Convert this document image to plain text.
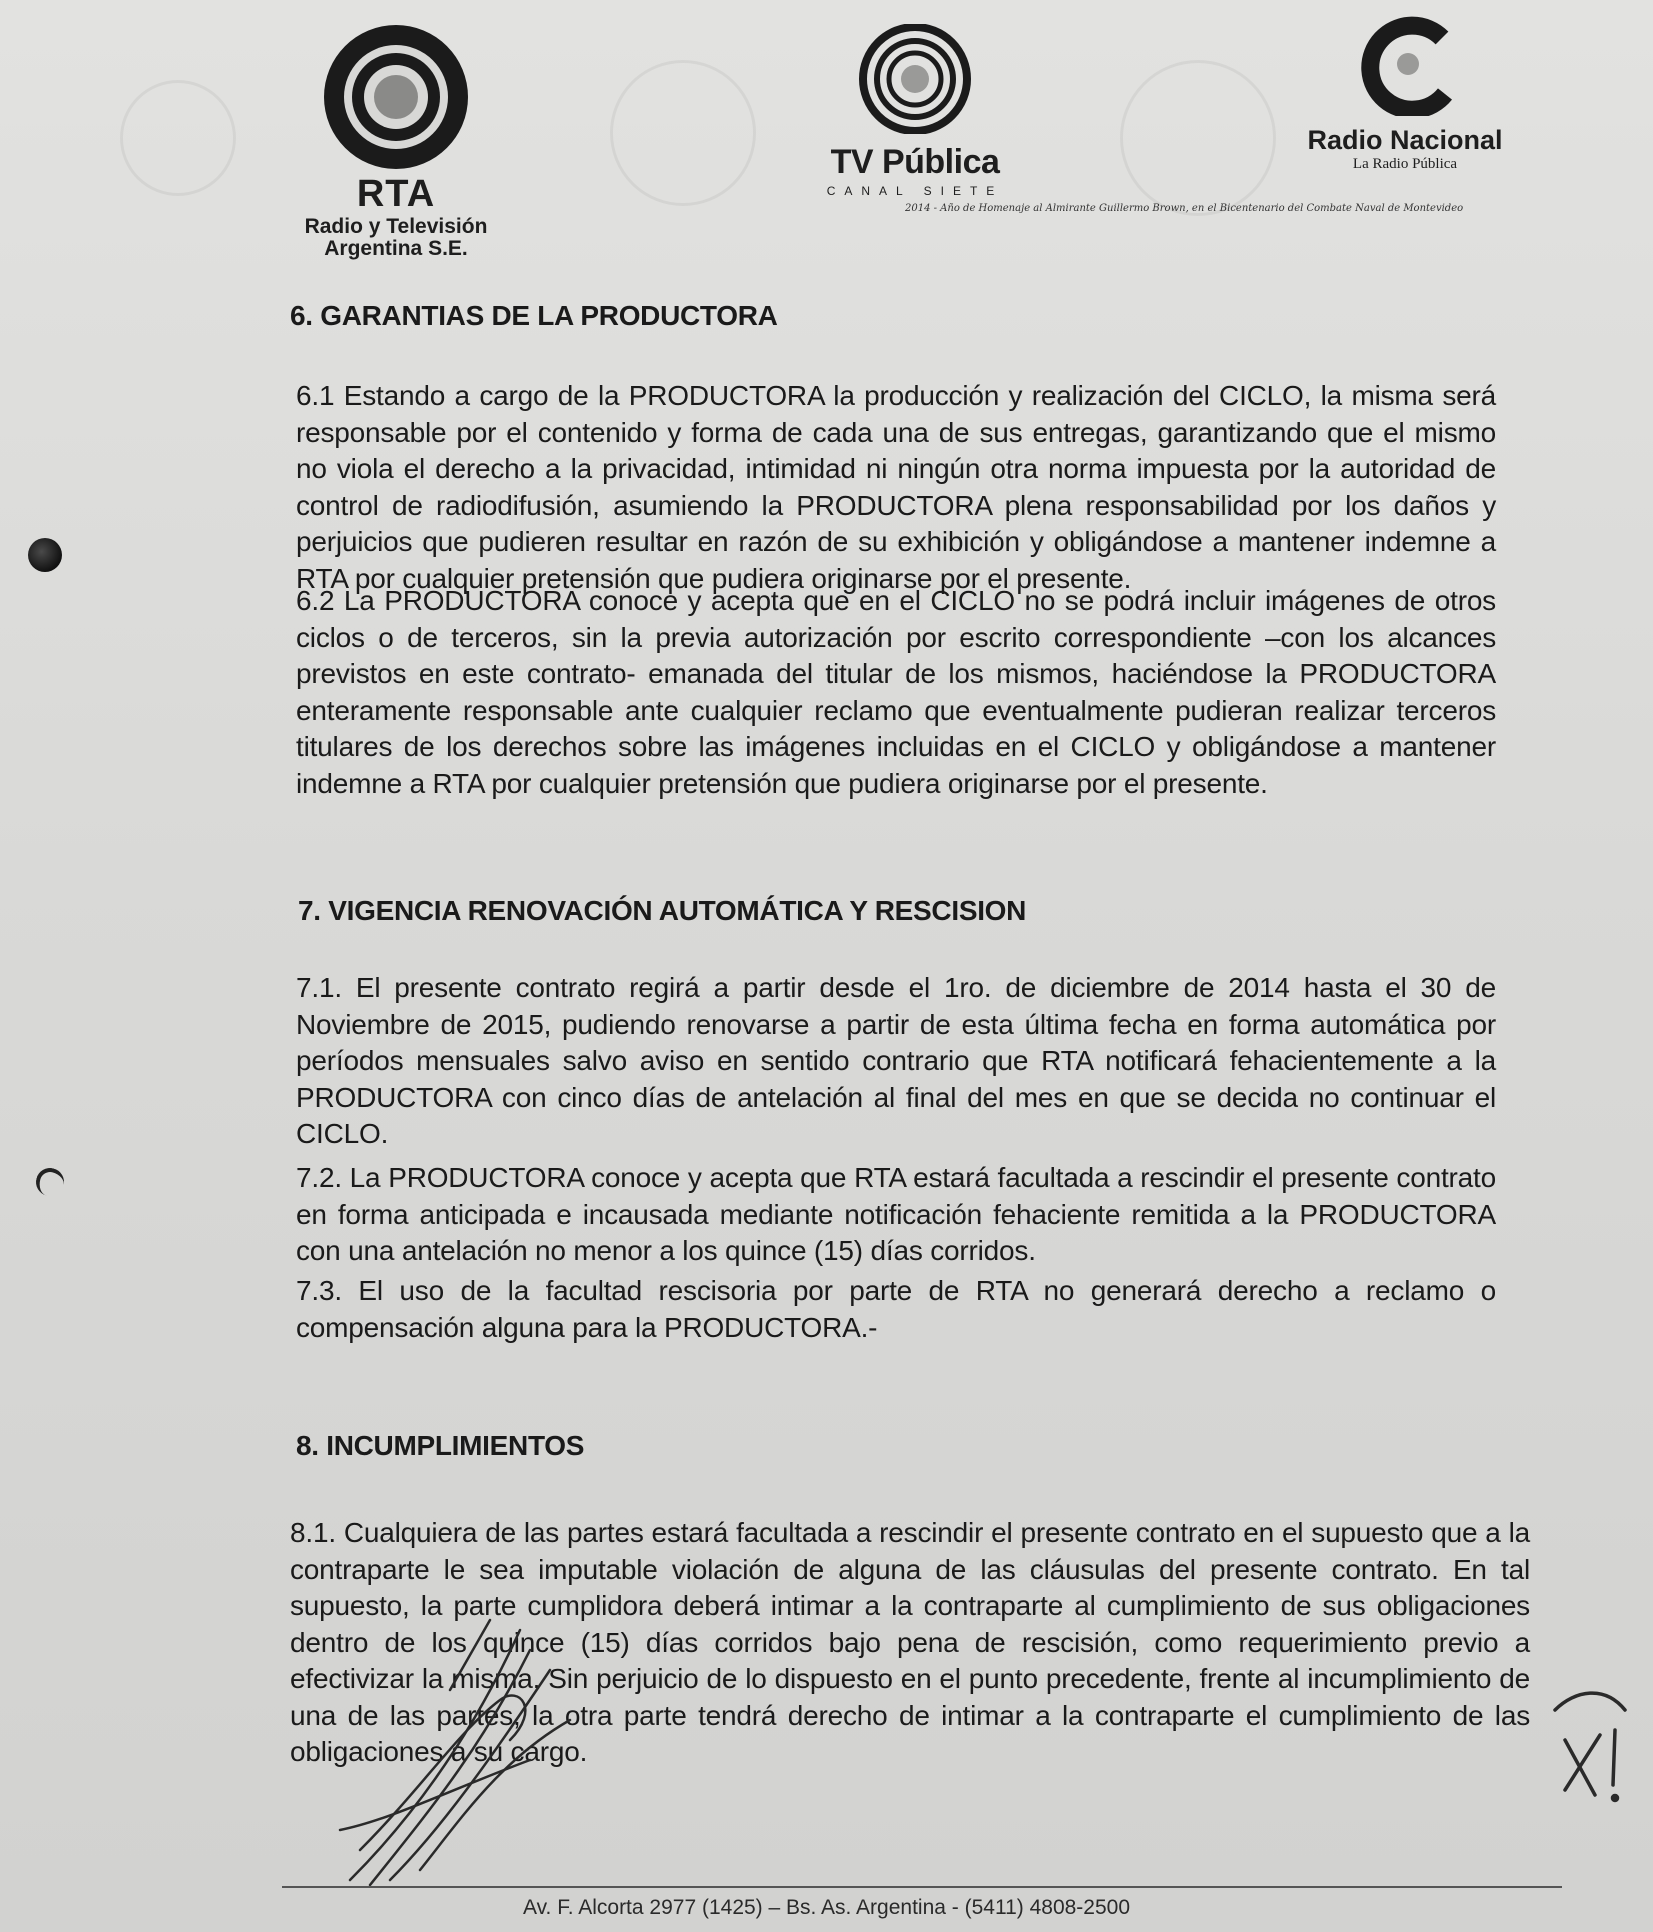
RTA
Radio y Televisión
Argentina S.E.
TV Pública
CANAL SIETE
Radio Nacional
La Radio Pública
2014 - Año de Homenaje al Almirante Guillermo Brown, en el Bicentenario del Combate Naval de Montevideo
6. GARANTIAS DE LA PRODUCTORA
6.1 Estando a cargo de la PRODUCTORA la producción y realización del CICLO, la misma será responsable por el contenido y forma de cada una de sus entregas, garantizando que el mismo no viola el derecho a la privacidad, intimidad ni ningún otra norma impuesta por la autoridad de control de radiodifusión, asumiendo la PRODUCTORA plena responsabilidad por los daños y perjuicios que pudieren resultar en razón de su exhibición y obligándose a mantener indemne a RTA por cualquier pretensión que pudiera originarse por el presente.
6.2 La PRODUCTORA conoce y acepta que en el CICLO no se podrá incluir imágenes de otros ciclos o de terceros, sin la previa autorización por escrito correspondiente –con los alcances previstos en este contrato- emanada del titular de los mismos, haciéndose la PRODUCTORA enteramente responsable ante cualquier reclamo que eventualmente pudieran realizar terceros titulares de los derechos sobre las imágenes incluidas en el CICLO y obligándose a mantener indemne a RTA por cualquier pretensión que pudiera originarse por el presente.
7. VIGENCIA RENOVACIÓN AUTOMÁTICA Y RESCISION
7.1. El presente contrato regirá a partir desde el 1ro. de diciembre de 2014 hasta el 30 de Noviembre de 2015, pudiendo renovarse a partir de esta última fecha en forma automática por períodos mensuales salvo aviso en sentido contrario que RTA notificará fehacientemente a la PRODUCTORA con cinco días de antelación al final del mes en que se decida no continuar el CICLO.
7.2. La PRODUCTORA conoce y acepta que RTA estará facultada a rescindir el presente contrato en forma anticipada e incausada mediante notificación fehaciente remitida a la PRODUCTORA con una antelación no menor a los quince (15) días corridos.
7.3. El uso de la facultad rescisoria por parte de RTA no generará derecho a reclamo o compensación alguna para la PRODUCTORA.-
8. INCUMPLIMIENTOS
8.1. Cualquiera de las partes estará facultada a rescindir el presente contrato en el supuesto que a la contraparte le sea imputable violación de alguna de las cláusulas del presente contrato. En tal supuesto, la parte cumplidora deberá intimar a la contraparte al cumplimiento de sus obligaciones dentro de los quince (15) días corridos bajo pena de rescisión, como requerimiento previo a efectivizar la misma. Sin perjuicio de lo dispuesto en el punto precedente, frente al incumplimiento de una de las partes, la otra parte tendrá derecho de intimar a la contraparte el cumplimiento de las obligaciones a su cargo.
Av. F. Alcorta 2977 (1425) – Bs. As. Argentina - (5411) 4808-2500
